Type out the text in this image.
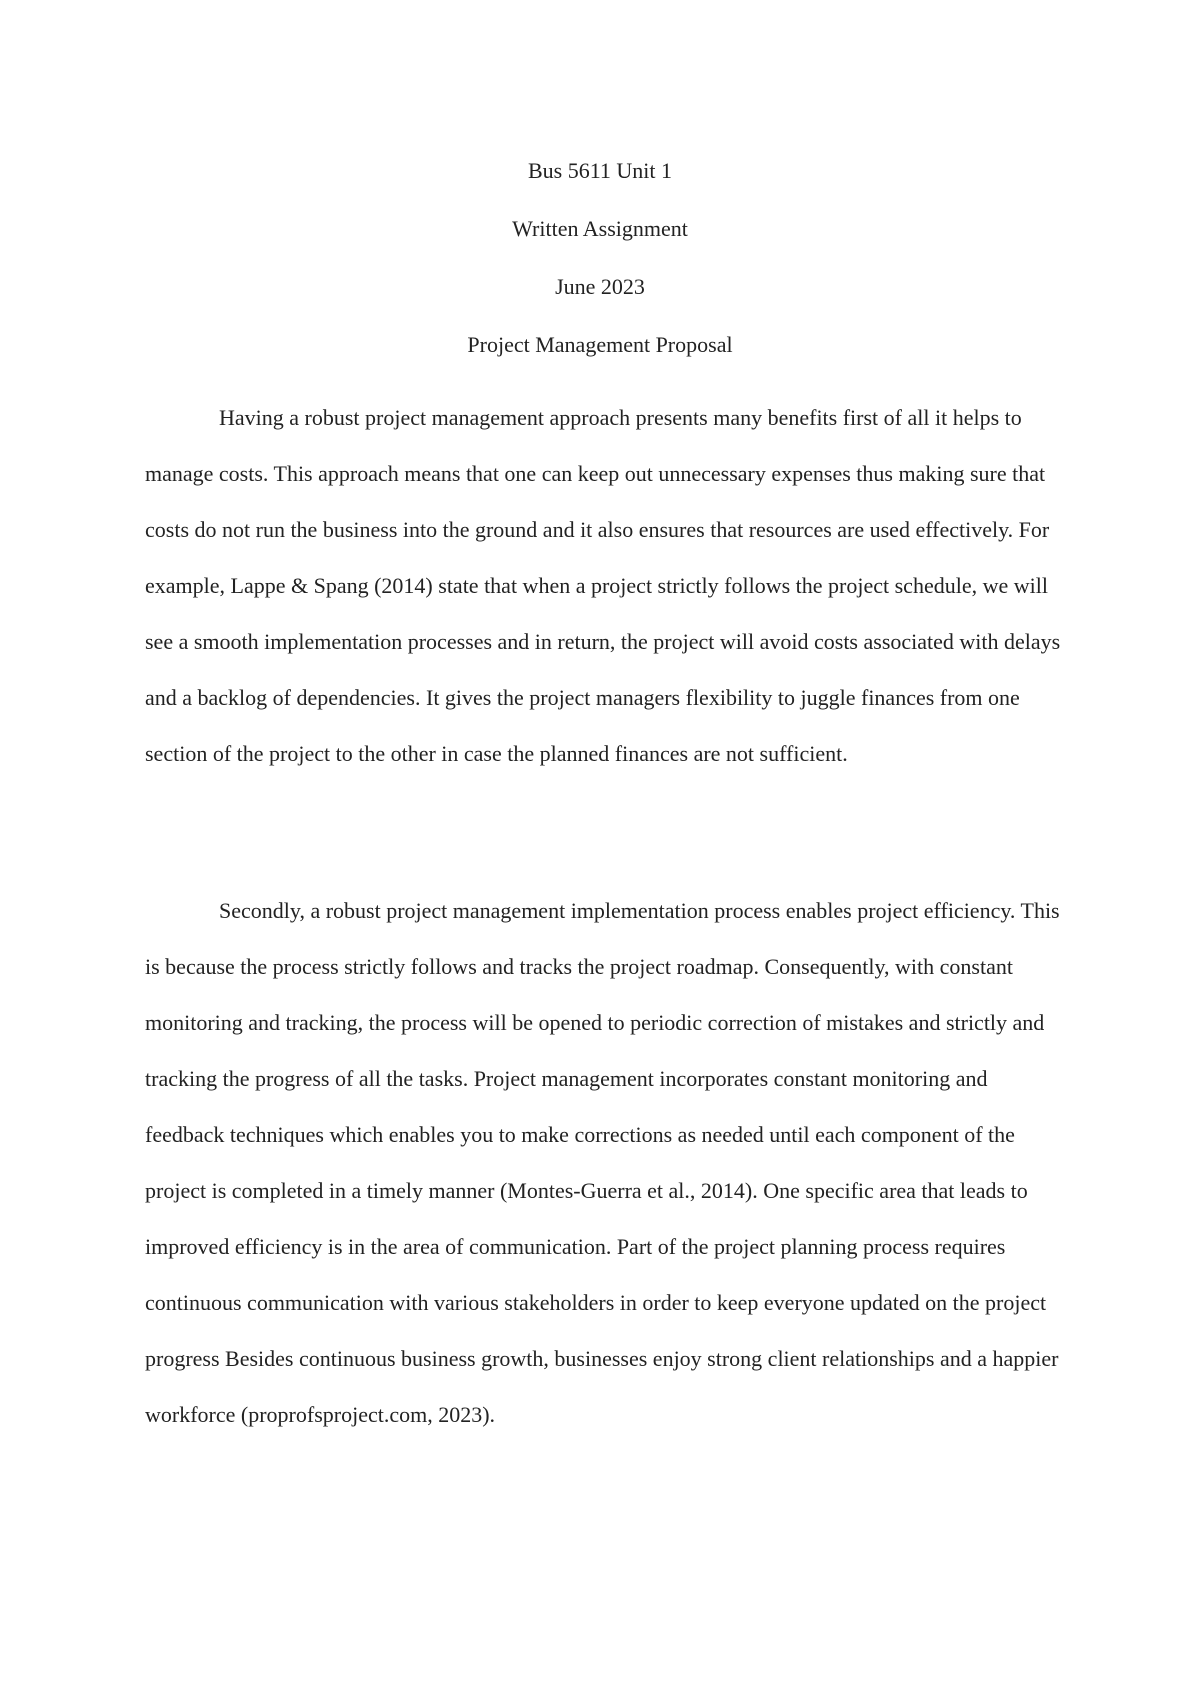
Bus 5611 Unit 1
Written Assignment
June 2023
Project Management Proposal

Having a robust project management approach presents many benefits first of all it helps to manage costs. This approach means that one can keep out unnecessary expenses thus making sure that costs do not run the business into the ground and it also ensures that resources are used effectively. For example, Lappe & Spang (2014) state that when a project strictly follows the project schedule, we will see a smooth implementation processes and in return, the project will avoid costs associated with delays and a backlog of dependencies. It gives the project managers flexibility to juggle finances from one section of the project to the other in case the planned finances are not sufficient.

Secondly, a robust project management implementation process enables project efficiency. This is because the process strictly follows and tracks the project roadmap. Consequently, with constant monitoring and tracking, the process will be opened to periodic correction of mistakes and strictly and tracking the progress of all the tasks. Project management incorporates constant monitoring and feedback techniques which enables you to make corrections as needed until each component of the project is completed in a timely manner (Montes-Guerra et al., 2014). One specific area that leads to improved efficiency is in the area of communication. Part of the project planning process requires continuous communication with various stakeholders in order to keep everyone updated on the project progress Besides continuous business growth, businesses enjoy strong client relationships and a happier workforce (proprofsproject.com, 2023).
